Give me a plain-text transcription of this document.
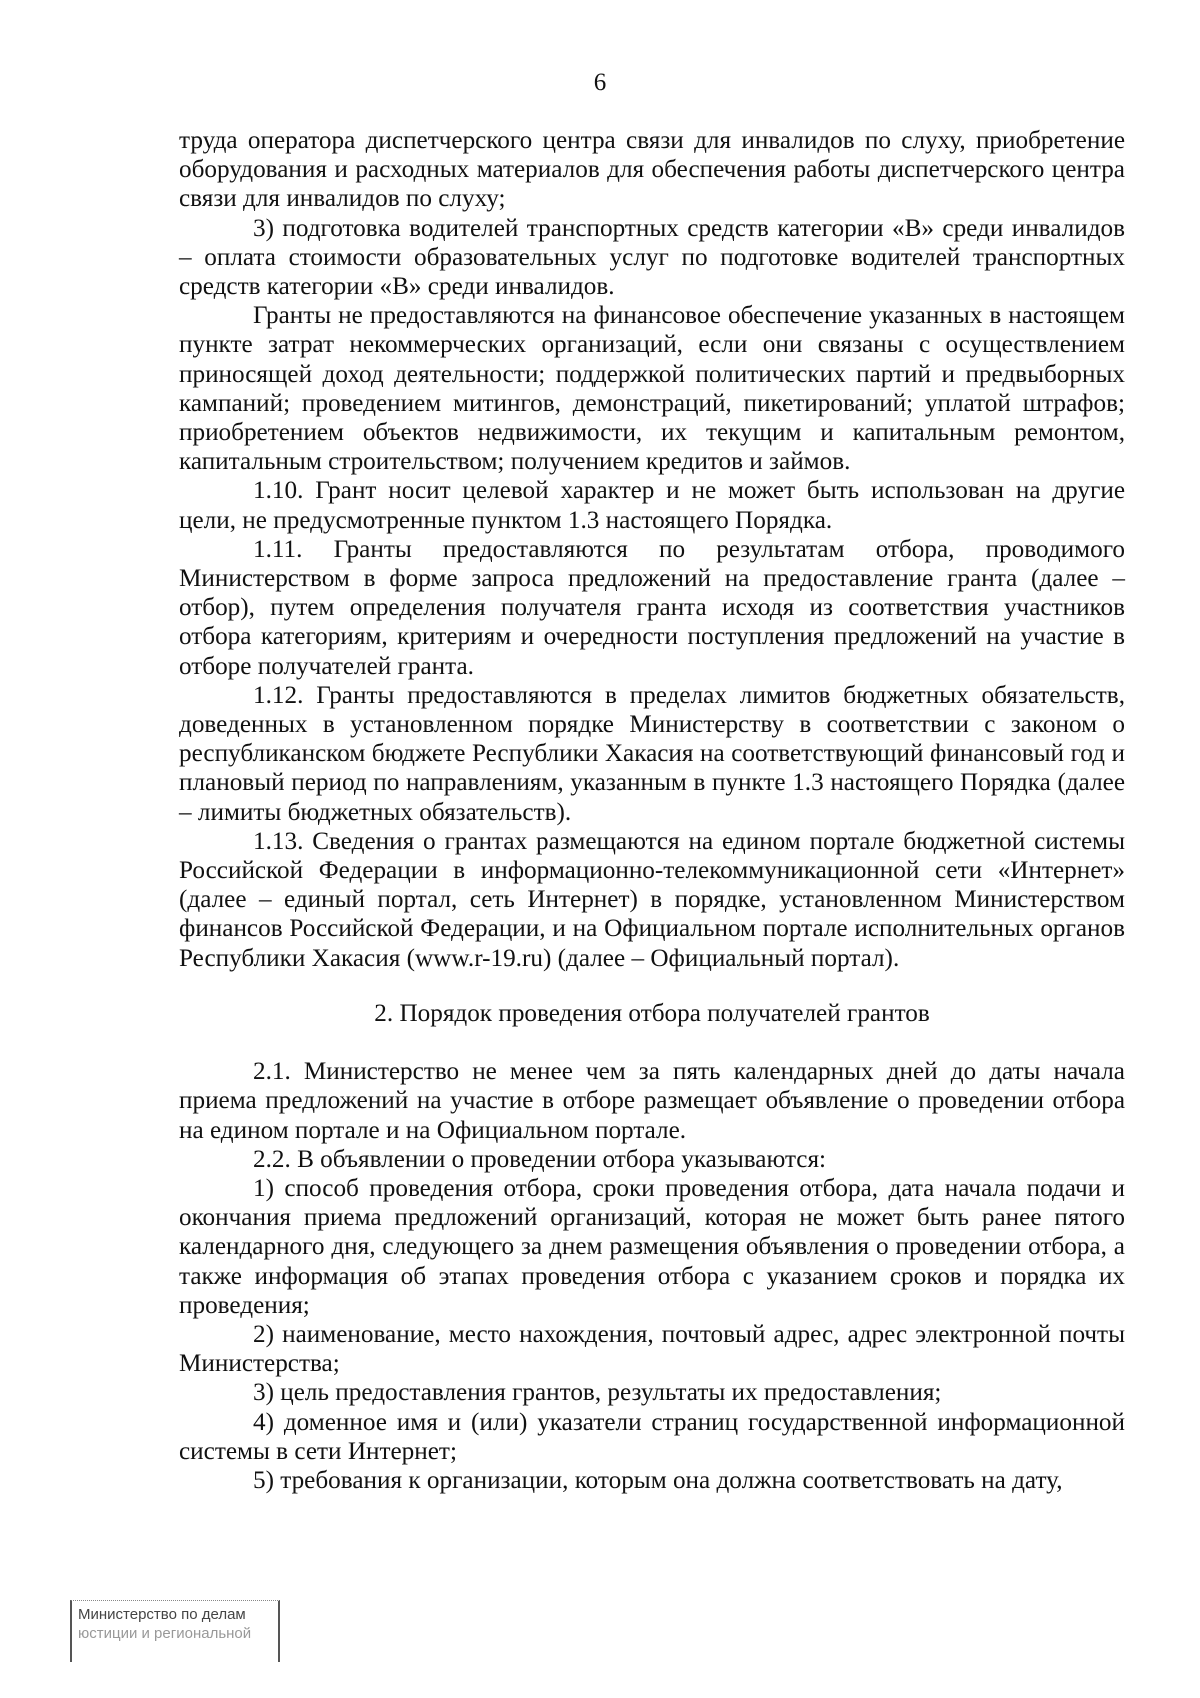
6

труда оператора диспетчерского центра связи для инвалидов по слуху, приобретение оборудования и расходных материалов для обеспечения работы диспетчерского центра связи для инвалидов по слуху;

3) подготовка водителей транспортных средств категории «В» среди инвалидов – оплата стоимости образовательных услуг по подготовке водителей транспортных средств категории «В» среди инвалидов.

Гранты не предоставляются на финансовое обеспечение указанных в настоящем пункте затрат некоммерческих организаций, если они связаны с осуществлением приносящей доход деятельности; поддержкой политических партий и предвыборных кампаний; проведением митингов, демонстраций, пикетирований; уплатой штрафов; приобретением объектов недвижимости, их текущим и капитальным ремонтом, капитальным строительством; получением кредитов и займов.

1.10. Грант носит целевой характер и не может быть использован на другие цели, не предусмотренные пунктом 1.3 настоящего Порядка.

1.11. Гранты предоставляются по результатам отбора, проводимого Министерством в форме запроса предложений на предоставление гранта (далее – отбор), путем определения получателя гранта исходя из соответствия участников отбора категориям, критериям и очередности поступления предложений на участие в отборе получателей гранта.

1.12. Гранты предоставляются в пределах лимитов бюджетных обязательств, доведенных в установленном порядке Министерству в соответствии с законом о республиканском бюджете Республики Хакасия на соответствующий финансовый год и плановый период по направлениям, указанным в пункте 1.3 настоящего Порядка (далее – лимиты бюджетных обязательств).

1.13. Сведения о грантах размещаются на едином портале бюджетной системы Российской Федерации в информационно-телекоммуникационной сети «Интернет» (далее – единый портал, сеть Интернет) в порядке, установленном Министерством финансов Российской Федерации, и на Официальном портале исполнительных органов Республики Хакасия (www.r-19.ru) (далее – Официальный портал).

2. Порядок проведения отбора получателей грантов

2.1. Министерство не менее чем за пять календарных дней до даты начала приема предложений на участие в отборе размещает объявление о проведении отбора на едином портале и на Официальном портале.

2.2. В объявлении о проведении отбора указываются:

1) способ проведения отбора, сроки проведения отбора, дата начала подачи и окончания приема предложений организаций, которая не может быть ранее пятого календарного дня, следующего за днем размещения объявления о проведении отбора, а также информация об этапах проведения отбора с указанием сроков и порядка их проведения;

2) наименование, место нахождения, почтовый адрес, адрес электронной почты Министерства;

3) цель предоставления грантов, результаты их предоставления;

4) доменное имя и (или) указатели страниц государственной информационной системы в сети Интернет;

5) требования к организации, которым она должна соответствовать на дату,

Министерство по делам
юстиции и региональной
